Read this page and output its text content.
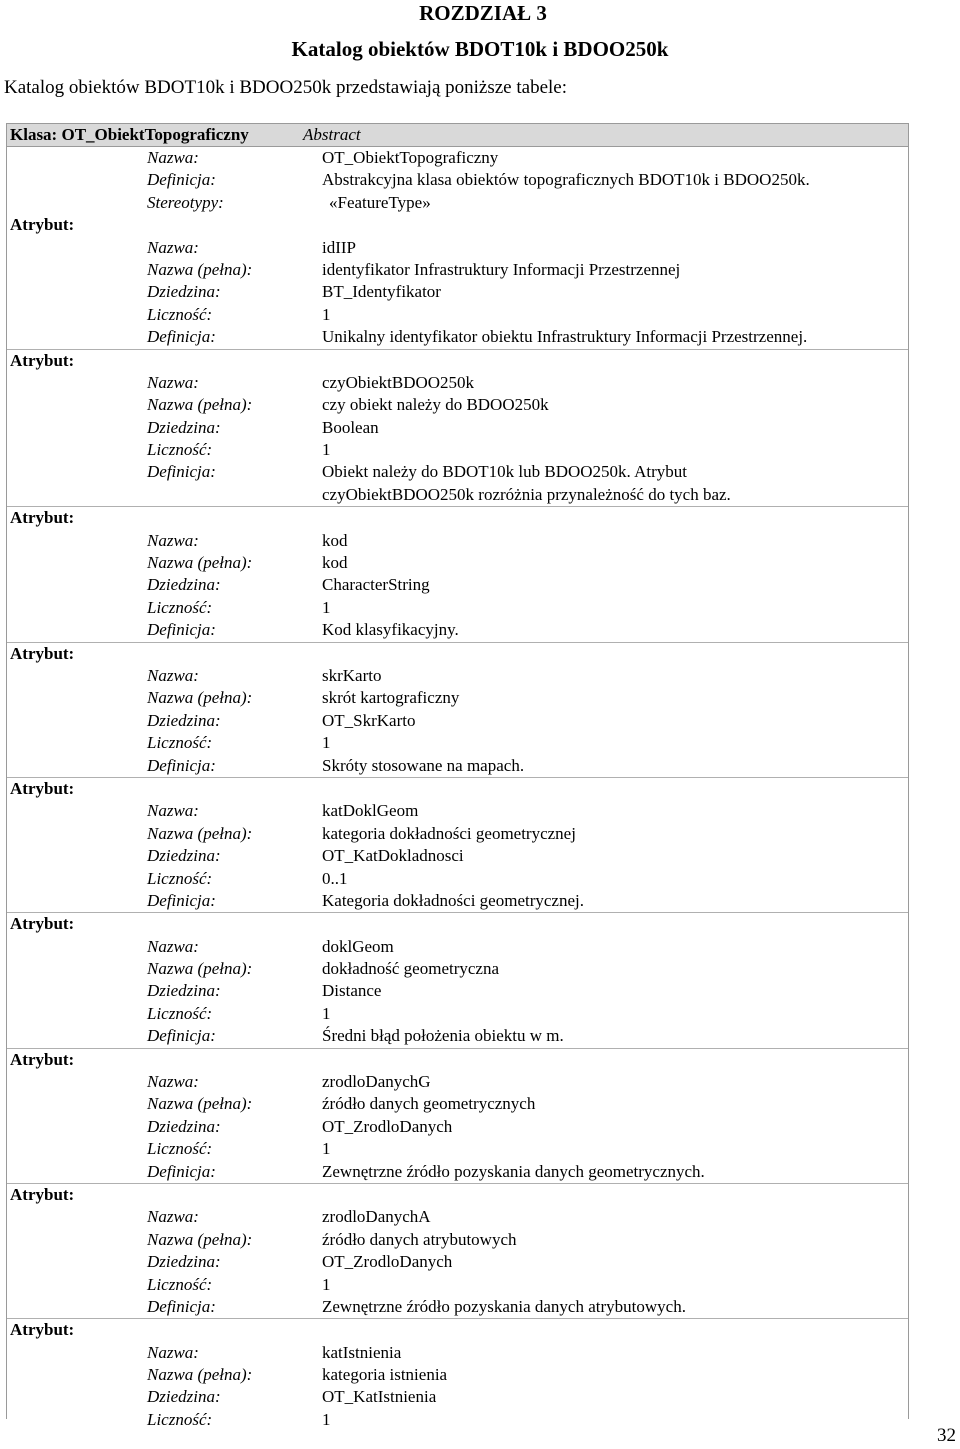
ROZDZIAŁ 3
Katalog obiektów BDOT10k i BDOO250k
Katalog obiektów BDOT10k i BDOO250k przedstawiają poniższe tabele:
Klasa: OT_ObiektTopograficzny	Abstract
Nazwa:	OT_ObiektTopograficzny
Definicja:	Abstrakcyjna klasa obiektów topograficznych BDOT10k i BDOO250k.
Stereotypy:	«FeatureType»
Atrybut:
Nazwa:	idIIP
Nazwa (pełna):	identyfikator Infrastruktury Informacji Przestrzennej
Dziedzina:	BT_Identyfikator
Liczność:	1
Definicja:	Unikalny identyfikator obiektu Infrastruktury Informacji Przestrzennej.
Atrybut:
Nazwa:	czyObiektBDOO250k
Nazwa (pełna):	czy obiekt należy do BDOO250k
Dziedzina:	Boolean
Liczność:	1
Definicja:	Obiekt należy do BDOT10k lub BDOO250k. Atrybut
czyObiektBDOO250k rozróżnia przynależność do tych baz.
Atrybut:
Nazwa:	kod
Nazwa (pełna):	kod
Dziedzina:	CharacterString
Liczność:	1
Definicja:	Kod klasyfikacyjny.
Atrybut:
Nazwa:	skrKarto
Nazwa (pełna):	skrót kartograficzny
Dziedzina:	OT_SkrKarto
Liczność:	1
Definicja:	Skróty stosowane na mapach.
Atrybut:
Nazwa:	katDoklGeom
Nazwa (pełna):	kategoria dokładności geometrycznej
Dziedzina:	OT_KatDokladnosci
Liczność:	0..1
Definicja:	Kategoria dokładności geometrycznej.
Atrybut:
Nazwa:	doklGeom
Nazwa (pełna):	dokładność geometryczna
Dziedzina:	Distance
Liczność:	1
Definicja:	Średni błąd położenia obiektu w m.
Atrybut:
Nazwa:	zrodloDanychG
Nazwa (pełna):	źródło danych geometrycznych
Dziedzina:	OT_ZrodloDanych
Liczność:	1
Definicja:	Zewnętrzne źródło pozyskania danych geometrycznych.
Atrybut:
Nazwa:	zrodloDanychA
Nazwa (pełna):	źródło danych atrybutowych
Dziedzina:	OT_ZrodloDanych
Liczność:	1
Definicja:	Zewnętrzne źródło pozyskania danych atrybutowych.
Atrybut:
Nazwa:	katIstnienia
Nazwa (pełna):	kategoria istnienia
Dziedzina:	OT_KatIstnienia
Liczność:	1
32
